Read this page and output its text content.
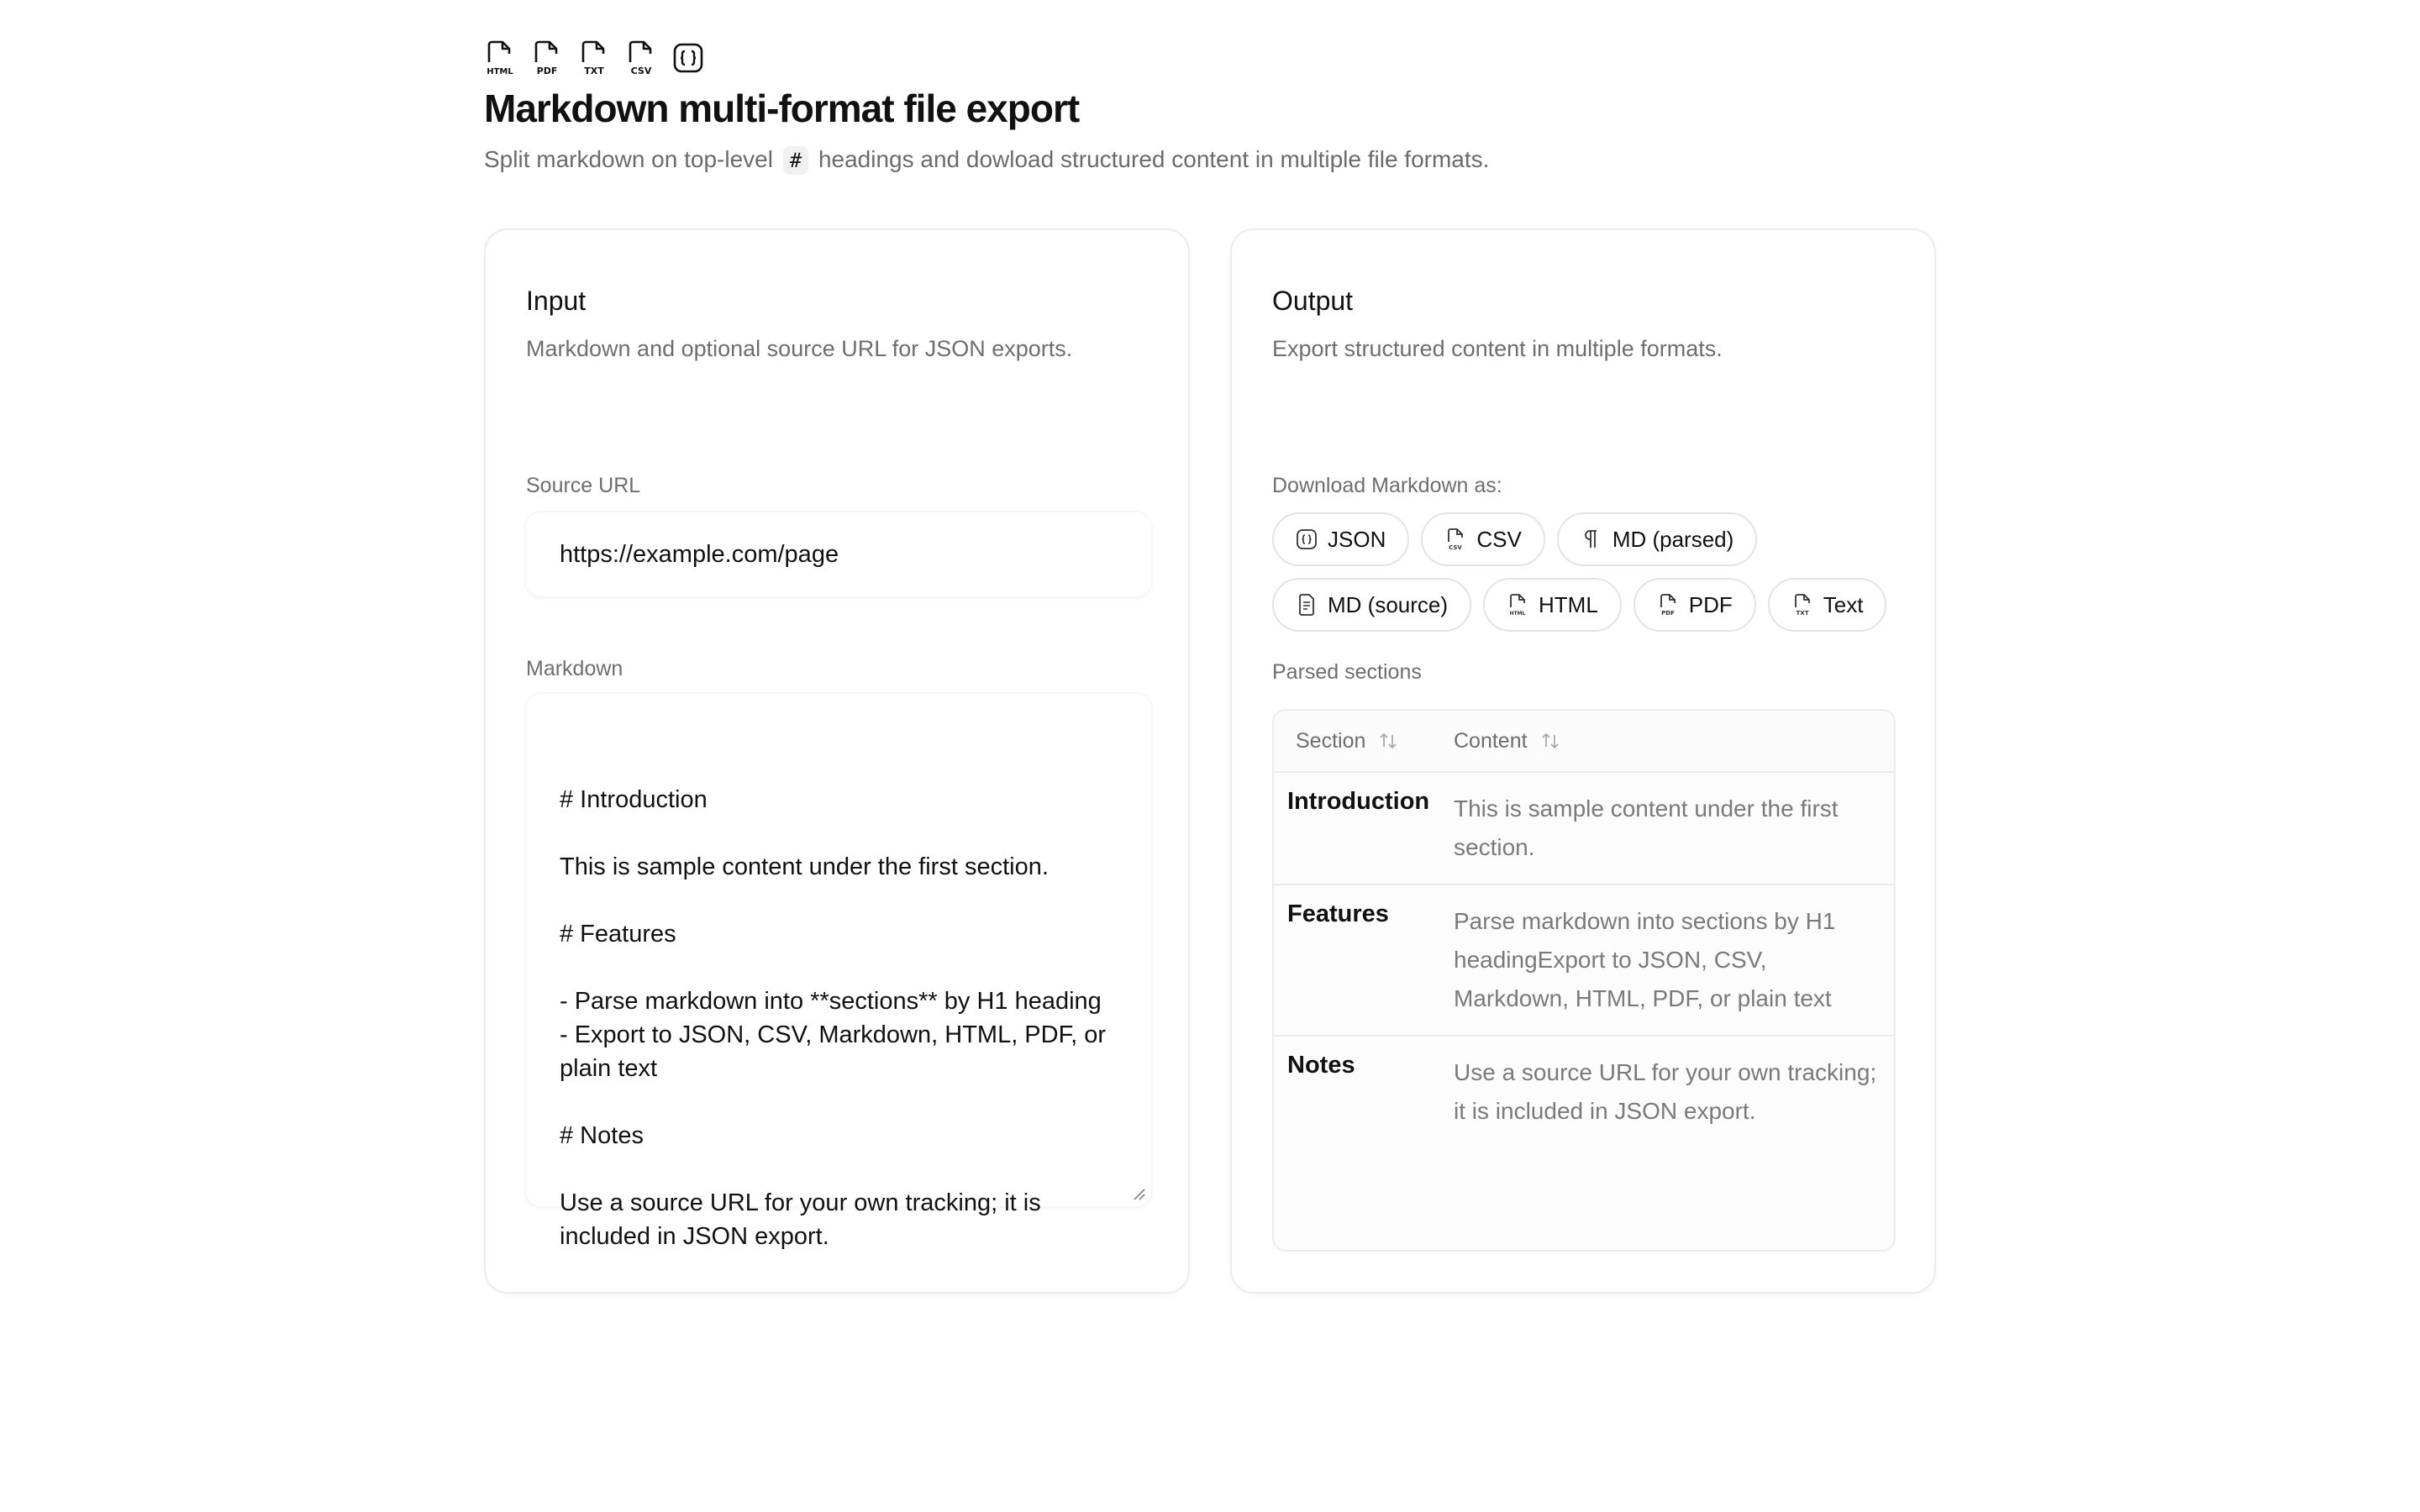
HTML	PDF	TXT	CSV
Markdown multi-format file export

Split markdown on top-level # headings and dowload structured content in multiple file formats.

Input
Markdown and optional source URL for JSON exports.
Source URL
https://example.com/page
Markdown

# Introduction

This is sample content under the first section.

# Features

- Parse markdown into **sections** by H1 heading
- Export to JSON, CSV, Markdown, HTML, PDF, or plain text

# Notes

Use a source URL for your own tracking; it is included in JSON export.

Output
Export structured content in multiple formats.
Download Markdown as:
JSON	CSV CSV	MD (parsed)
MD (source)	HTML HTML	PDF PDF	TXT Text
Parsed sections
Section	Content
Introduction	This is sample content under the first section.
Features	Parse markdown into sections by H1 headingExport to JSON, CSV, Markdown, HTML, PDF, or plain text
Notes	Use a source URL for your own tracking; it is included in JSON export.
